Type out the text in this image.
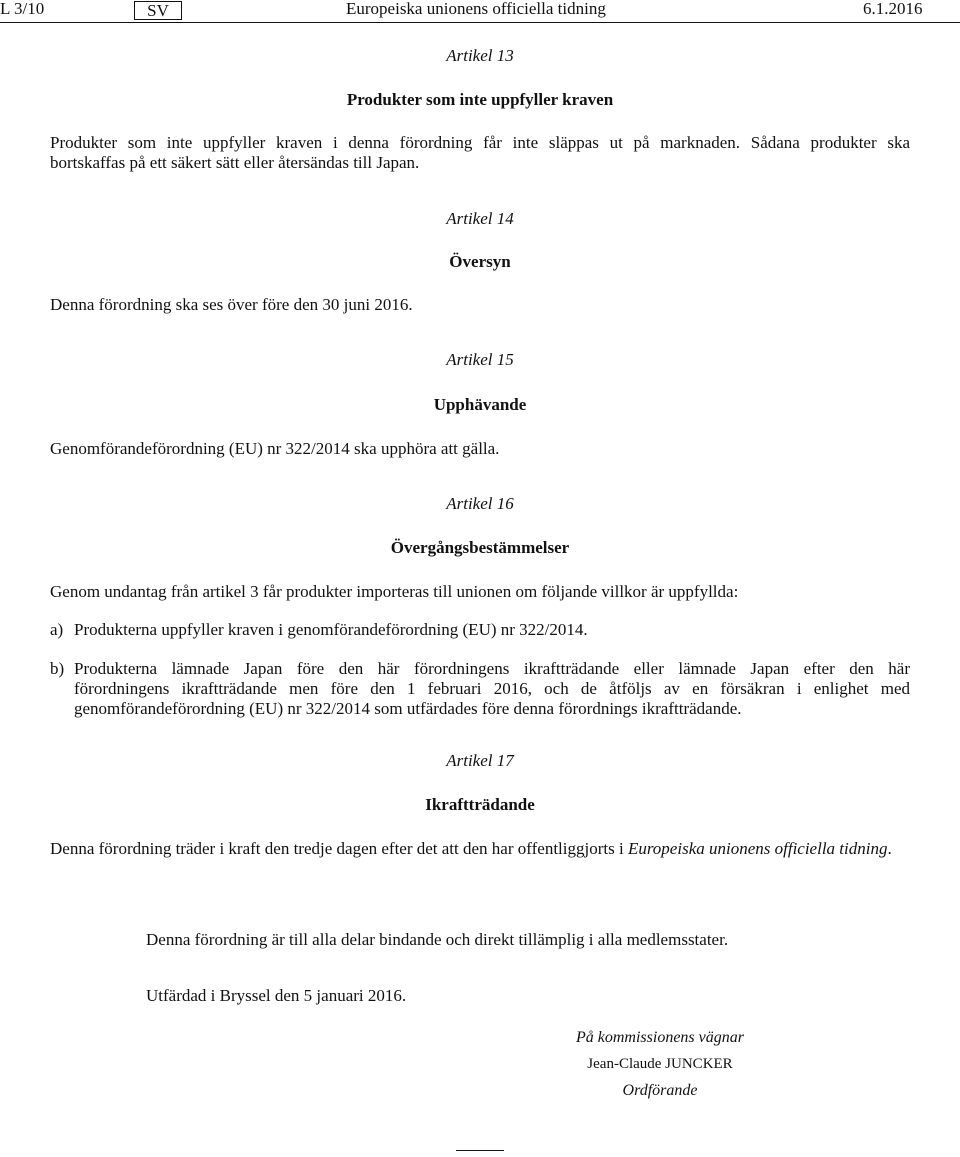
L 3/10	SV	Europeiska unionens officiella tidning	6.1.2016
Artikel 13
Produkter som inte uppfyller kraven
Produkter som inte uppfyller kraven i denna förordning får inte släppas ut på marknaden. Sådana produkter ska
bortskaffas på ett säkert sätt eller återsändas till Japan.
Artikel 14
Översyn
Denna förordning ska ses över före den 30 juni 2016.
Artikel 15
Upphävande
Genomförandeförordning (EU) nr 322/2014 ska upphöra att gälla.
Artikel 16
Övergångsbestämmelser
Genom undantag från artikel 3 får produkter importeras till unionen om följande villkor är uppfyllda:
a) Produkterna uppfyller kraven i genomförandeförordning (EU) nr 322/2014.
b) Produkterna lämnade Japan före den här förordningens ikraftträdande eller lämnade Japan efter den här
förordningens ikraftträdande men före den 1 februari 2016, och de åtföljs av en försäkran i enlighet med
genomförandeförordning (EU) nr 322/2014 som utfärdades före denna förordnings ikraftträdande.
Artikel 17
Ikraftträdande
Denna förordning träder i kraft den tredje dagen efter det att den har offentliggjorts i Europeiska unionens officiella tidning.
Denna förordning är till alla delar bindande och direkt tillämplig i alla medlemsstater.
Utfärdad i Bryssel den 5 januari 2016.
På kommissionens vägnar
Jean-Claude JUNCKER
Ordförande
